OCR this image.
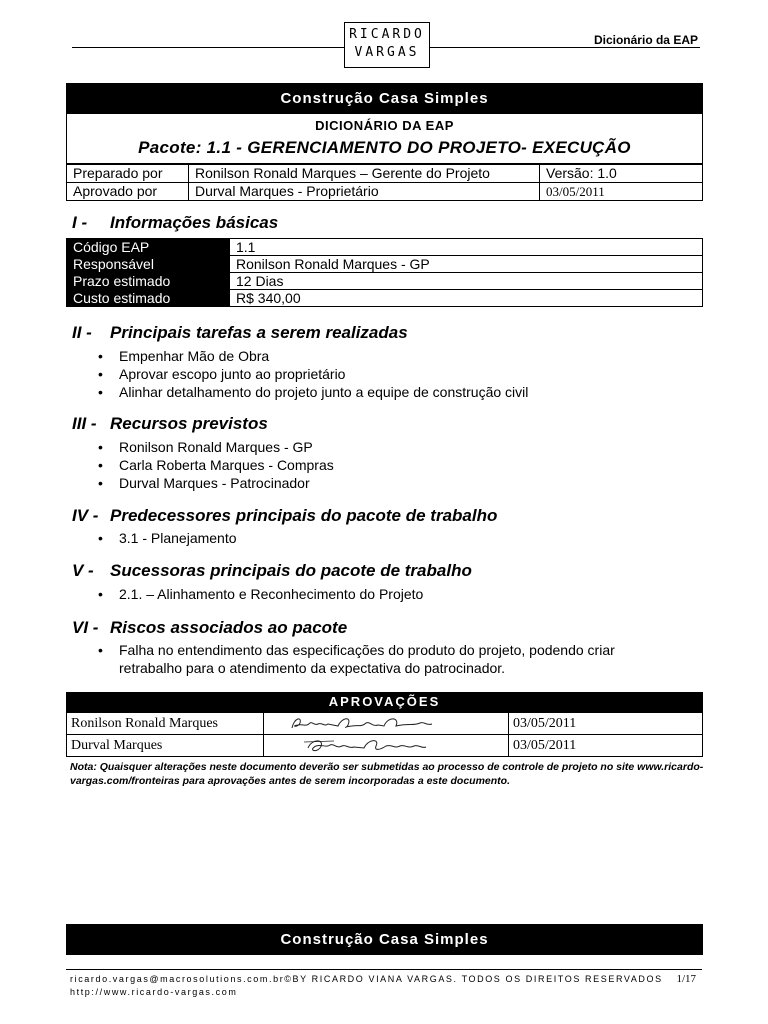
RICARDO
VARGAS
Dicionário da EAP
Construção Casa Simples
DICIONÁRIO DA EAP
Pacote: 1.1 - GERENCIAMENTO DO PROJETO- EXECUÇÃO
Preparado por	Ronilson Ronald Marques – Gerente do Projeto	Versão: 1.0
Aprovado por	Durval Marques - Proprietário	03/05/2011
I - Informações básicas
Código EAP	1.1
Responsável	Ronilson Ronald Marques - GP
Prazo estimado	12 Dias
Custo estimado	R$ 340,00
II - Principais tarefas a serem realizadas
• Empenhar Mão de Obra
• Aprovar escopo junto ao proprietário
• Alinhar detalhamento do projeto junto a equipe de construção civil
III - Recursos previstos
• Ronilson Ronald Marques - GP
• Carla Roberta Marques - Compras
• Durval Marques - Patrocinador
IV - Predecessores principais do pacote de trabalho
• 3.1 - Planejamento
V - Sucessoras principais do pacote de trabalho
• 2.1. – Alinhamento e Reconhecimento do Projeto
VI - Riscos associados ao pacote
• Falha no entendimento das especificações do produto do projeto, podendo criar retrabalho para o atendimento da expectativa do patrocinador.
APROVAÇÕES
Ronilson Ronald Marques		03/05/2011
Durval Marques		03/05/2011
Nota: Quaisquer alterações neste documento deverão ser submetidas ao processo de controle de projeto no site www.ricardo-vargas.com/fronteiras para aprovações antes de serem incorporadas a este documento.
Construção Casa Simples
ricardo.vargas@macrosolutions.com.br©BY RICARDO VIANA VARGAS. TODOS OS DIREITOS RESERVADOS
http://www.ricardo-vargas.com
1/17
